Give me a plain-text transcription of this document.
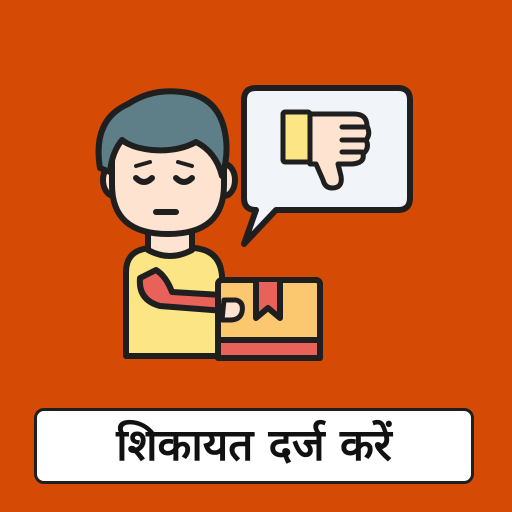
शिकायत दर्ज करें
